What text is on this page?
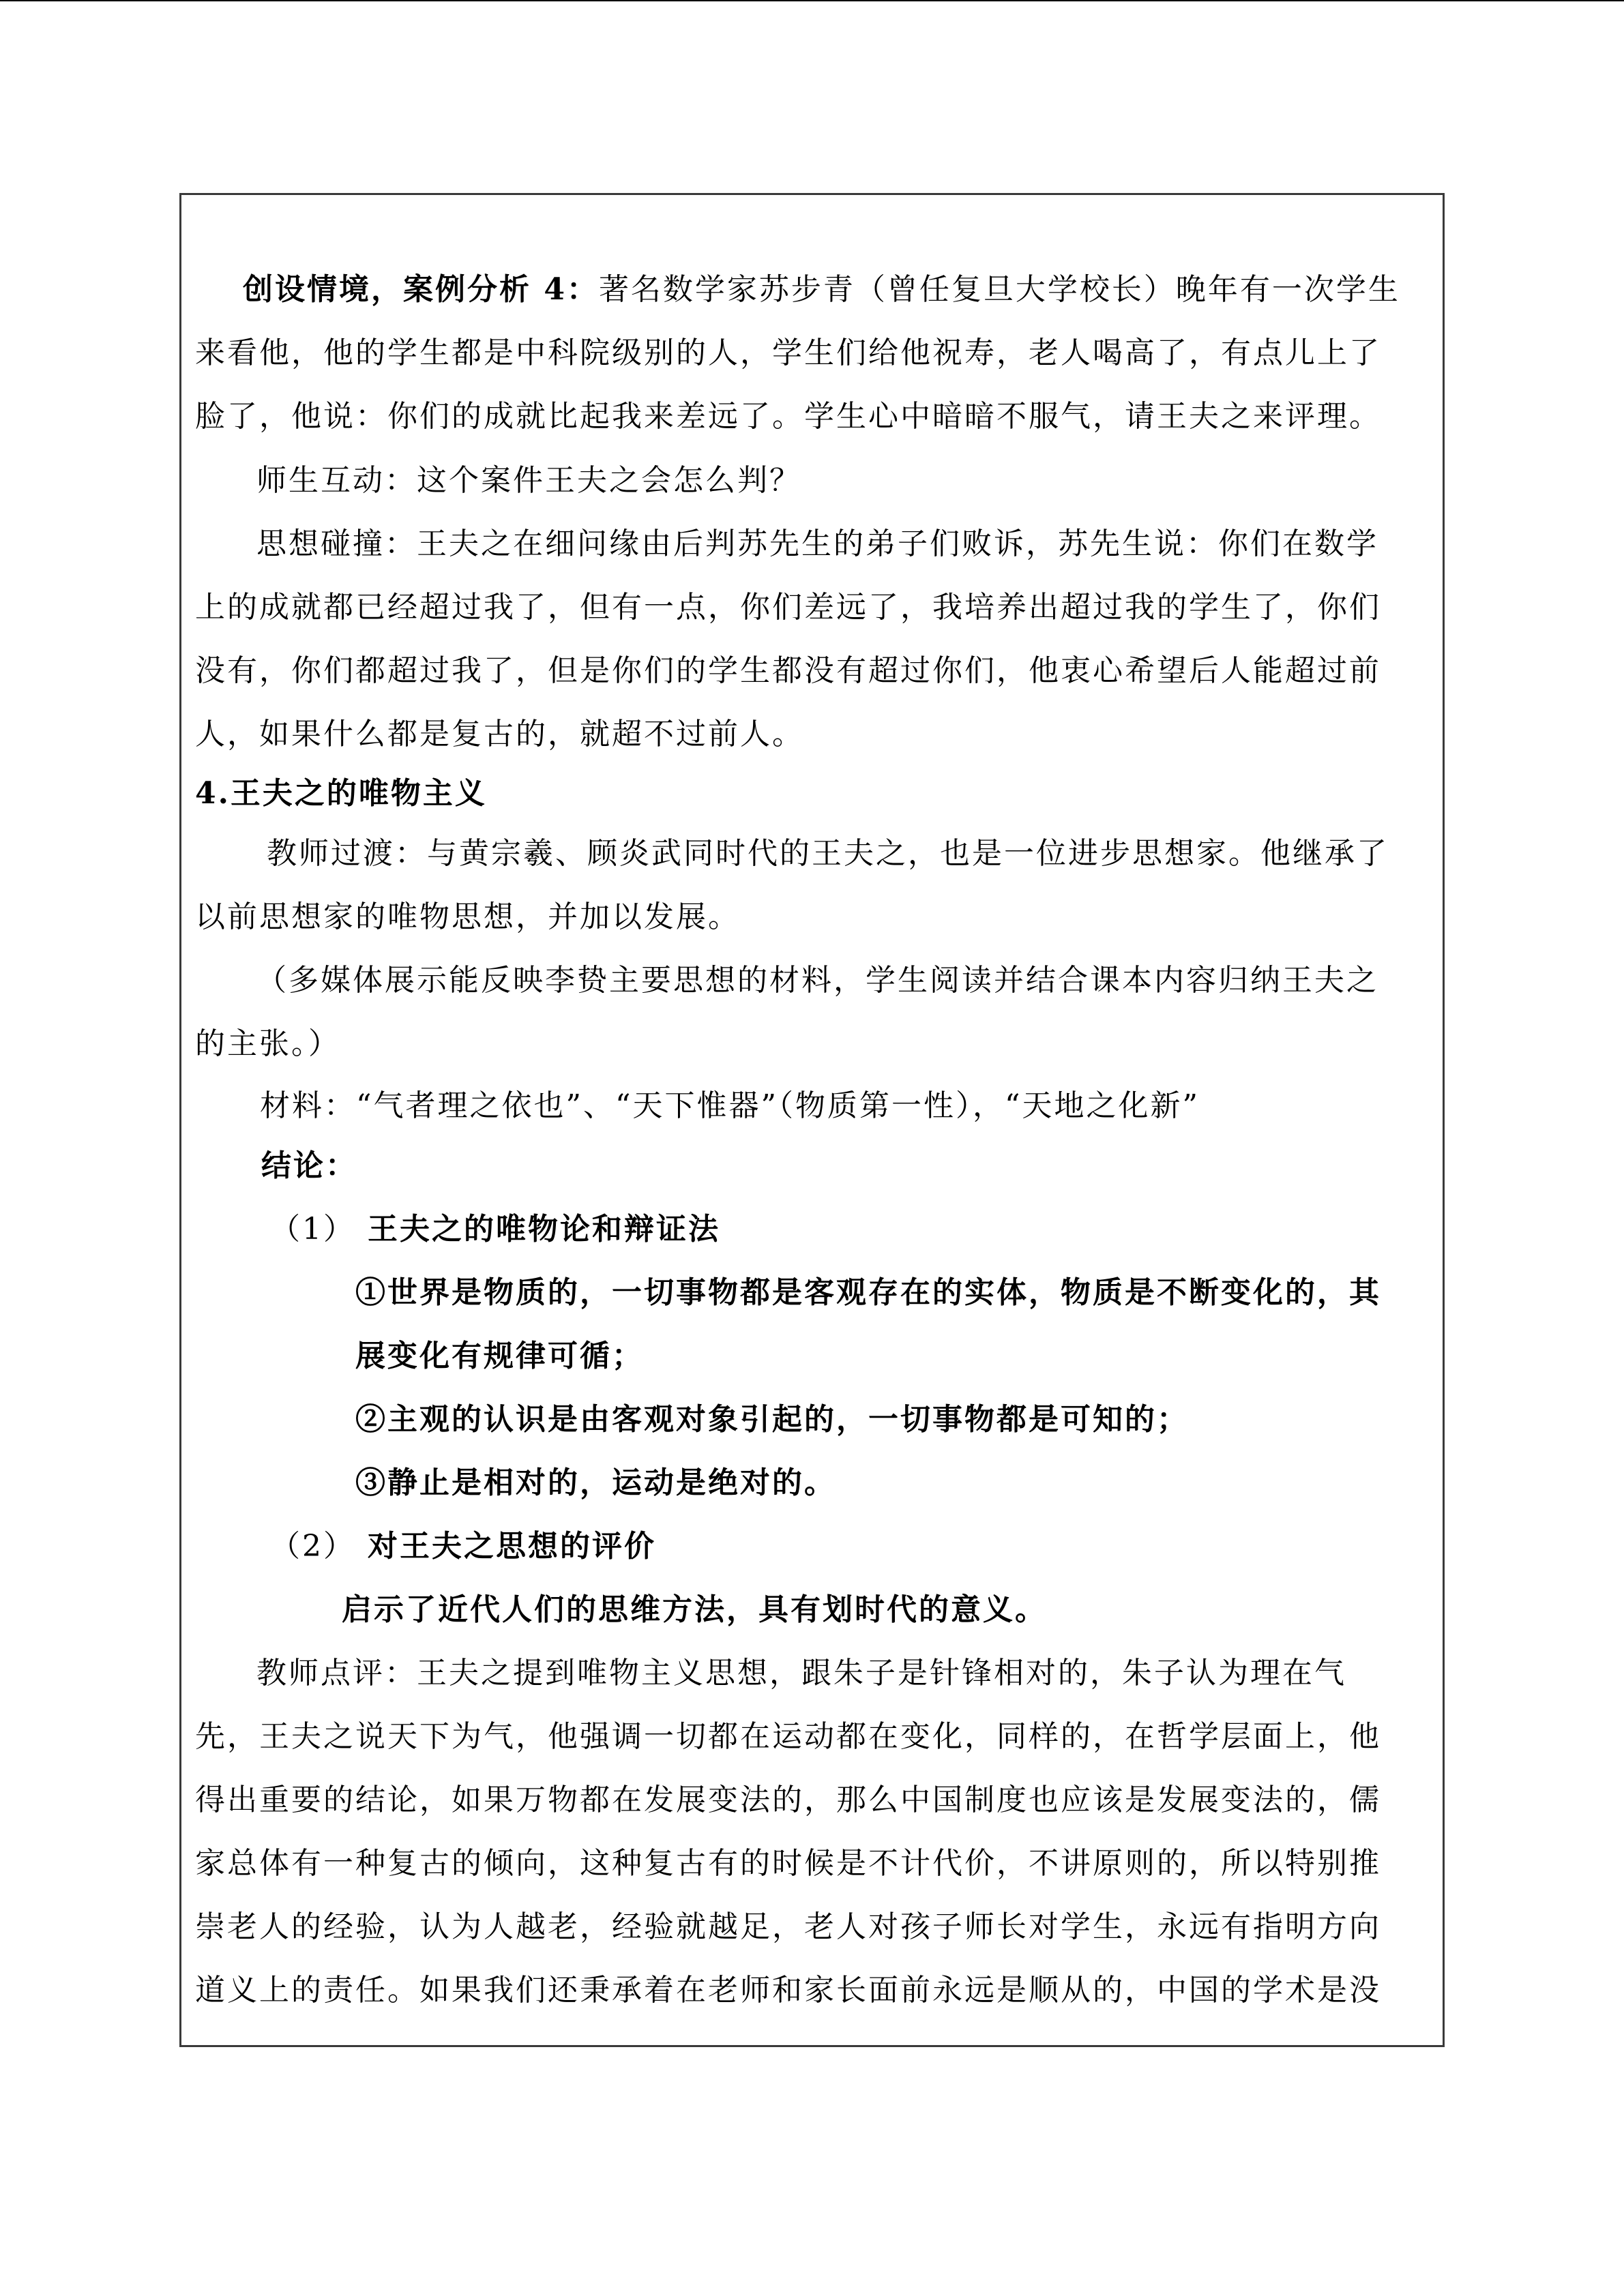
创设情境，案例分析 4：著名数学家苏步青（曾任复旦大学校长）晚年有一次学生
来看他，他的学生都是中科院级别的人，学生们给他祝寿，老人喝高了，有点儿上了
脸了，他说：你们的成就比起我来差远了。学生心中暗暗不服气，请王夫之来评理。
师生互动：这个案件王夫之会怎么判？
思想碰撞：王夫之在细问缘由后判苏先生的弟子们败诉，苏先生说：你们在数学
上的成就都已经超过我了，但有一点，你们差远了，我培养出超过我的学生了，你们
没有，你们都超过我了，但是你们的学生都没有超过你们，他衷心希望后人能超过前
人，如果什么都是复古的，就超不过前人。
4.王夫之的唯物主义
教师过渡：与黄宗羲、顾炎武同时代的王夫之，也是一位进步思想家。他继承了
以前思想家的唯物思想，并加以发展。
（多媒体展示能反映李贽主要思想的材料，学生阅读并结合课本内容归纳王夫之
的主张。）
材料：“气者理之依也”、“天下惟器”（物质第一性），“天地之化新”
结论：
（1） 王夫之的唯物论和辩证法
①世界是物质的，一切事物都是客观存在的实体，物质是不断变化的，其
展变化有规律可循；
②主观的认识是由客观对象引起的，一切事物都是可知的；
③静止是相对的，运动是绝对的。
（2） 对王夫之思想的评价
启示了近代人们的思维方法，具有划时代的意义。
教师点评：王夫之提到唯物主义思想，跟朱子是针锋相对的，朱子认为理在气
先，王夫之说天下为气，他强调一切都在运动都在变化，同样的，在哲学层面上，他
得出重要的结论，如果万物都在发展变法的，那么中国制度也应该是发展变法的，儒
家总体有一种复古的倾向，这种复古有的时候是不计代价，不讲原则的，所以特别推
崇老人的经验，认为人越老，经验就越足，老人对孩子师长对学生，永远有指明方向
道义上的责任。如果我们还秉承着在老师和家长面前永远是顺从的，中国的学术是没
